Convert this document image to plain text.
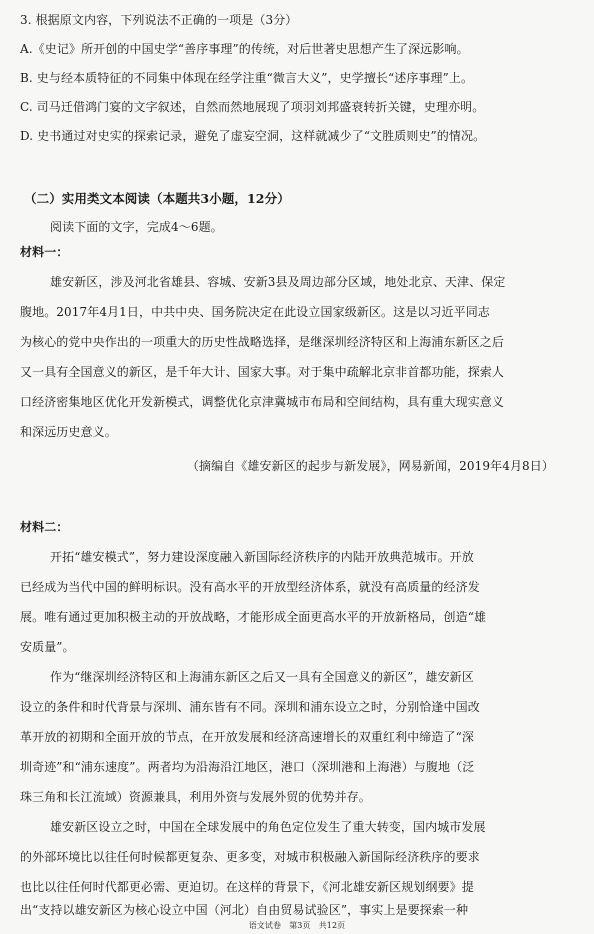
3. 根据原文内容，下列说法不正确的一项是（3分）

A.《史记》所开创的中国史学“善序事理”的传统，对后世著史思想产生了深远影响。

B. 史与经本质特征的不同集中体现在经学注重“微言大义”，史学擅长“述序事理”上。

C. 司马迁借鸿门宴的文字叙述，自然而然地展现了项羽刘邦盛衰转折关键，史理亦明。

D. 史书通过对史实的探索记录，避免了虚妄空洞，这样就减少了“文胜质则史”的情况。

（二）实用类文本阅读（本题共3小题，12分）

阅读下面的文字，完成4～6题。

材料一：

雄安新区，涉及河北省雄县、容城、安新3县及周边部分区域，地处北京、天津、保定

腹地。2017年4月1日，中共中央、国务院决定在此设立国家级新区。这是以习近平同志

为核心的党中央作出的一项重大的历史性战略选择，是继深圳经济特区和上海浦东新区之后

又一具有全国意义的新区，是千年大计、国家大事。对于集中疏解北京非首都功能，探索人

口经济密集地区优化开发新模式，调整优化京津冀城市布局和空间结构，具有重大现实意义

和深远历史意义。

（摘编自《雄安新区的起步与新发展》，网易新闻，2019年4月8日）

材料二：

开拓“雄安模式”，努力建设深度融入新国际经济秩序的内陆开放典范城市。开放

已经成为当代中国的鲜明标识。没有高水平的开放型经济体系，就没有高质量的经济发

展。唯有通过更加积极主动的开放战略，才能形成全面更高水平的开放新格局，创造“雄

安质量”。

作为“继深圳经济特区和上海浦东新区之后又一具有全国意义的新区”，雄安新区

设立的条件和时代背景与深圳、浦东皆有不同。深圳和浦东设立之时，分别恰逢中国改

革开放的初期和全面开放的节点，在开放发展和经济高速增长的双重红利中缔造了“深

圳奇迹”和“浦东速度”。两者均为沿海沿江地区，港口（深圳港和上海港）与腹地（泛

珠三角和长江流域）资源兼具，利用外资与发展外贸的优势并存。

雄安新区设立之时，中国在全球发展中的角色定位发生了重大转变，国内城市发展

的外部环境比以往任何时候都更复杂、更多变，对城市积极融入新国际经济秩序的要求

也比以往任何时代都更必需、更迫切。在这样的背景下，《河北雄安新区规划纲要》提

出“支持以雄安新区为核心设立中国（河北）自由贸易试验区”，事实上是要探索一种

语文试卷　第3页　共12页
